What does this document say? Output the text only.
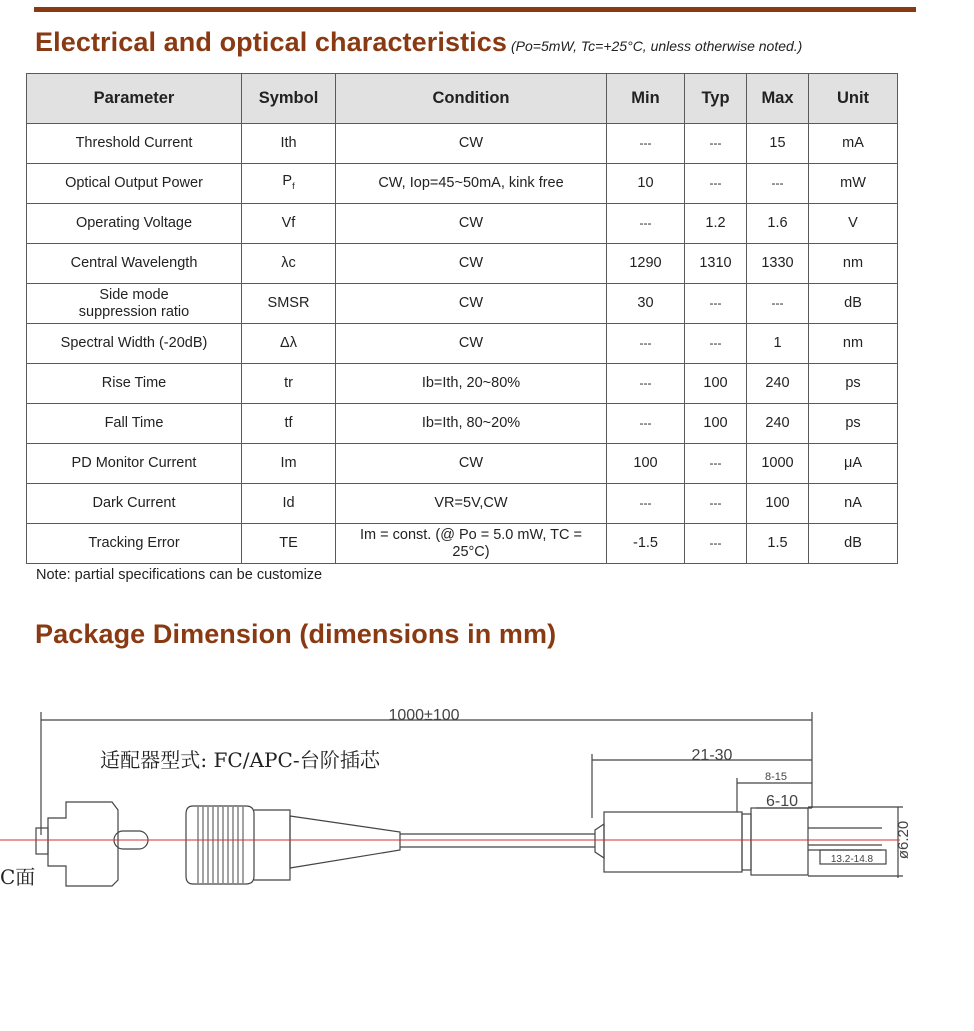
Electrical and optical characteristics (Po=5mW, Tc=+25°C, unless otherwise noted.)
Parameter	Symbol	Condition	Min	Typ	Max	Unit
Threshold Current	Ith	CW	---	---	15	mA
Optical Output Power	$P_f$	CW, Iop=45~50mA, kink free	10	---	---	mW
Operating Voltage	Vf	CW	---	1.2	1.6	V
Central Wavelength	λc	CW	1290	1310	1330	nm
Side mode
suppression ratio	SMSR	CW	30	---	---	dB
Spectral Width (-20dB)	Δλ	CW	---	---	1	nm
Rise Time	tr	Ib=Ith, 20~80%	---	100	240	ps
Fall Time	tf	Ib=Ith, 80~20%	---	100	240	ps
PD Monitor Current	Im	CW	100	---	1000	μA
Dark Current	Id	VR=5V,CW	---	---	100	nA
Tracking Error	TE	Im = const. (@ Po = 5.0 mW, TC =
25°C)	-1.5	---	1.5	dB
Note: partial specifications can be customize
Package Dimension (dimensions in mm)
1000±100
21-30
8-15
6-10
13.2-14.8
ø6.20
适配器型式: FC/APC-台阶插芯
C面
